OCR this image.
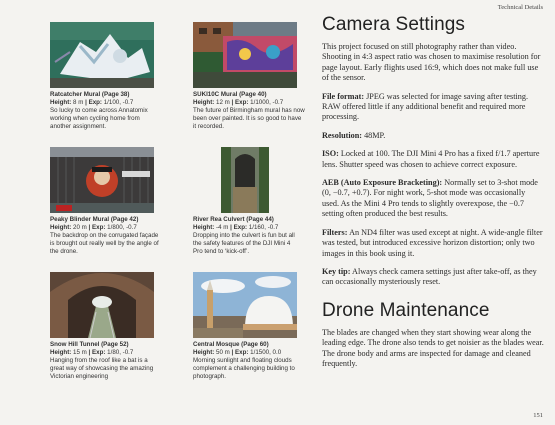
Technical Details
Ratcatcher Mural (Page 38)
Height: 8 m | Exp: 1/100, -0.7
So lucky to come across Annatomix working when cycling home from another assignment.
SUKI10C Mural (Page 40)
Height: 12 m | Exp: 1/1000, -0.7
The future of Birmingham mural has now been over painted. It is so good to have it recorded.
Peaky Blinder Mural (Page 42)
Height: 20 m | Exp: 1/800, -0.7
The backdrop on the corrugated façade is brought out really well by the angle of the drone.
River Rea Culvert (Page 44)
Height: -4 m | Exp: 1/160, -0.7
Dropping into the culvert is fun but all the safety features of the DJI Mini 4 Pro tend to ‘kick-off’.
Snow Hill Tunnel (Page 52)
Height: 15 m | Exp: 1/80, -0.7
Hanging from the roof like a bat is a great way of showcasing the amazing Victorian engineering
Central Mosque (Page 60)
Height: 50 m | Exp: 1/1500, 0.0
Morning sunlight and floating clouds complement a challenging building to photograph.
Camera Settings

This project focused on still photography rather than video. Shooting in 4:3 aspect ratio was chosen to maximise resolution for page layout. Early flights used 16:9, which does not make full use of the sensor.

File format: JPEG was selected for image saving after testing. RAW offered little if any additional benefit and required more processing.

Resolution: 48MP.

ISO: Locked at 100. The DJI Mini 4 Pro has a fixed f/1.7 aperture lens. Shutter speed was chosen to achieve correct exposure.

AEB (Auto Exposure Bracketing): Normally set to 3-shot mode (0, −0.7, +0.7). For night work, 5-shot mode was occasionally used. As the Mini 4 Pro tends to slightly overexpose, the −0.7 setting often produced the best results.

Filters: An ND4 filter was used except at night. A wide-angle filter was tested, but introduced excessive horizon distortion; only two images in this book using it.

Key tip: Always check camera settings just after take-off, as they can occasionally mysteriously reset.

Drone Maintenance

The blades are changed when they start showing wear along the leading edge. The drone also tends to get noisier as the blades wear. The drone body and arms are inspected for damage and cleaned frequently.

151
